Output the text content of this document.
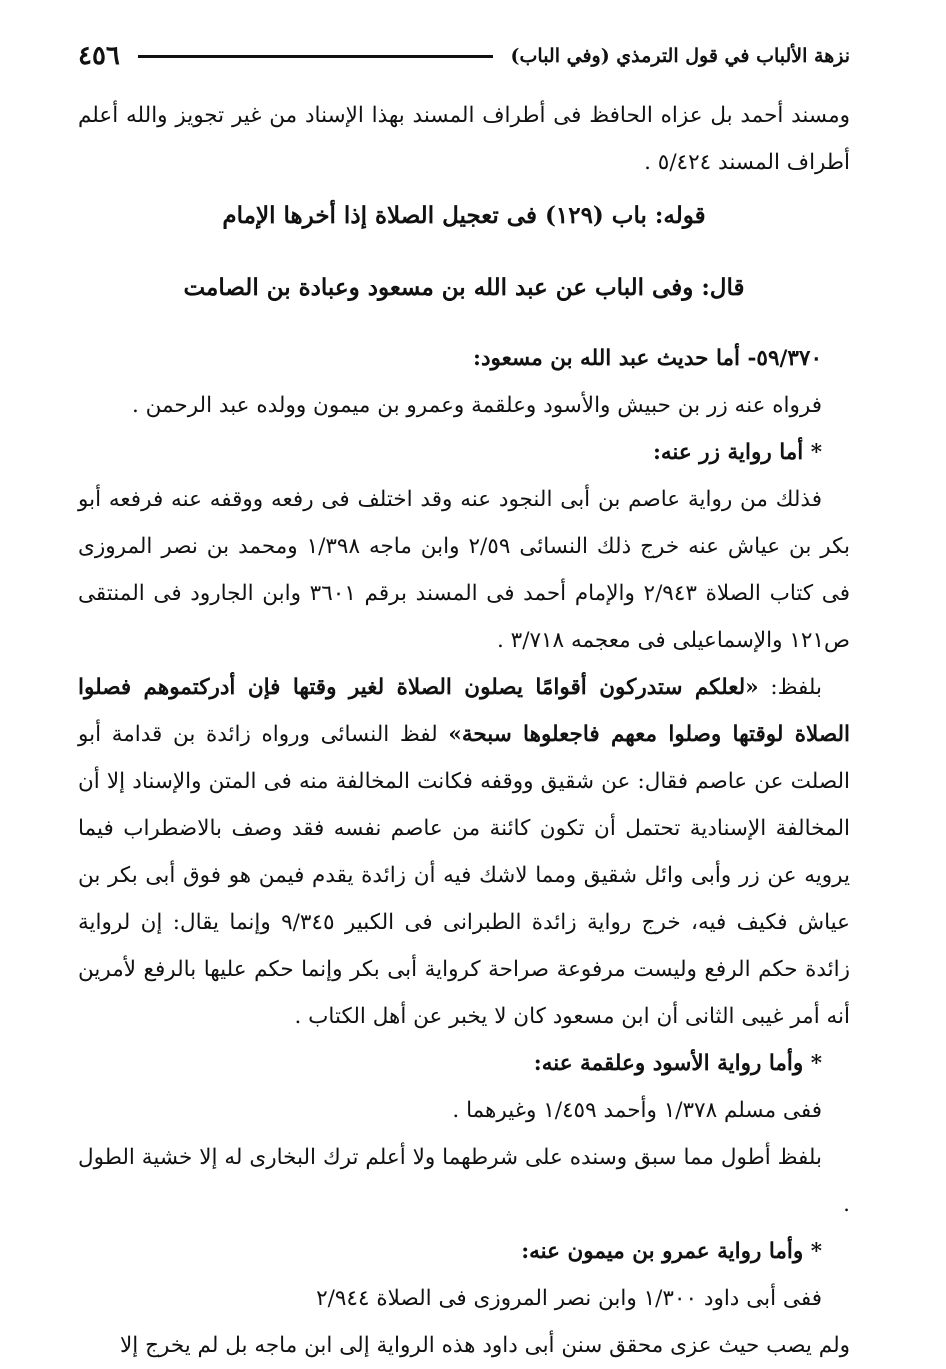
نزهة الألباب في قول الترمذي (وفي الباب)
٤٥٦

ومسند أحمد بل عزاه الحافظ فى أطراف المسند بهذا الإسناد من غير تجويز والله أعلم أطراف المسند ٥/٤٢٤ .

قوله: باب (١٢٩) فى تعجيل الصلاة إذا أخرها الإمام

قال: وفى الباب عن عبد الله بن مسعود وعبادة بن الصامت

٥٩/٣٧٠- أما حديث عبد الله بن مسعود:

فرواه عنه زر بن حبيش والأسود وعلقمة وعمرو بن ميمون وولده عبد الرحمن .

* أما رواية زر عنه:

فذلك من رواية عاصم بن أبى النجود عنه وقد اختلف فى رفعه ووقفه عنه فرفعه أبو بكر بن عياش عنه خرج ذلك النسائى ٢/٥٩ وابن ماجه ١/٣٩٨ ومحمد بن نصر المروزى فى كتاب الصلاة ٢/٩٤٣ والإمام أحمد فى المسند برقم ٣٦٠١ وابن الجارود فى المنتقى ص١٢١ والإسماعيلى فى معجمه ٣/٧١٨ .

بلفظ: «لعلكم ستدركون أقوامًا يصلون الصلاة لغير وقتها فإن أدركتموهم فصلوا الصلاة لوقتها وصلوا معهم فاجعلوها سبحة» لفظ النسائى ورواه زائدة بن قدامة أبو الصلت عن عاصم فقال: عن شقيق ووقفه فكانت المخالفة منه فى المتن والإسناد إلا أن المخالفة الإسنادية تحتمل أن تكون كائنة من عاصم نفسه فقد وصف بالاضطراب فيما يرويه عن زر وأبى وائل شقيق ومما لاشك فيه أن زائدة يقدم فيمن هو فوق أبى بكر بن عياش فكيف فيه، خرج رواية زائدة الطبرانى فى الكبير ٩/٣٤٥ وإنما يقال: إن لرواية زائدة حكم الرفع وليست مرفوعة صراحة كرواية أبى بكر وإنما حكم عليها بالرفع لأمرين أنه أمر غيبى الثانى أن ابن مسعود كان لا يخبر عن أهل الكتاب .

* وأما رواية الأسود وعلقمة عنه:

ففى مسلم ١/٣٧٨ وأحمد ١/٤٥٩ وغيرهما .

بلفظ أطول مما سبق وسنده على شرطهما ولا أعلم ترك البخارى له إلا خشية الطول .

* وأما رواية عمرو بن ميمون عنه:

ففى أبى داود ١/٣٠٠ وابن نصر المروزى فى الصلاة ٢/٩٤٤

ولم يصب حيث عزى محقق سنن أبى داود هذه الرواية إلى ابن ماجه بل لم يخرج إلا
